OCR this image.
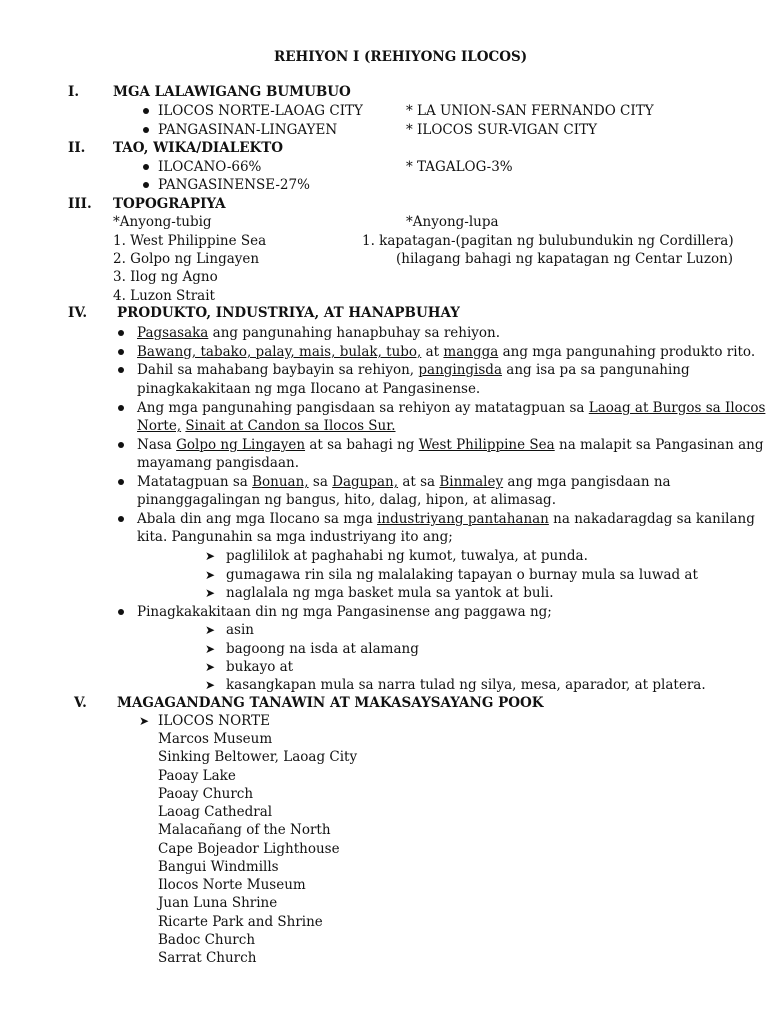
REHIYON I (REHIYONG ILOCOS)
I.	MGA LALAWIGANG BUMUBUO
ILOCOS NORTE-LAOAG CITY	* LA UNION-SAN FERNANDO CITY
PANGASINAN-LINGAYEN	* ILOCOS SUR-VIGAN CITY
II. TAO, WIKA/DIALEKTO
ILOCANO-66%	* TAGALOG-3%
PANGASINENSE-27%
III. TOPOGRAPIYA
*Anyong-tubig	*Anyong-lupa
1. West Philippine Sea	1. kapatagan-(pagitan ng bulubundukin ng Cordillera)
2. Golpo ng Lingayen	(hilagang bahagi ng kapatagan ng Centar Luzon)
3. Ilog ng Agno
4. Luzon Strait
IV. PRODUKTO, INDUSTRIYA, AT HANAPBUHAY
Pagsasaka ang pangunahing hanapbuhay sa rehiyon.
Bawang, tabako, palay, mais, bulak, tubo, at mangga ang mga pangunahing produkto rito.
Dahil sa mahabang baybayin sa rehiyon, pangingisda ang isa pa sa pangunahing
pinagkakakitaan ng mga Ilocano at Pangasinense.
Ang mga pangunahing pangisdaan sa rehiyon ay matatagpuan sa Laoag at Burgos sa Ilocos
Norte, Sinait at Candon sa Ilocos Sur.
Nasa Golpo ng Lingayen at sa bahagi ng West Philippine Sea na malapit sa Pangasinan ang
mayamang pangisdaan.
Matatagpuan sa Bonuan, sa Dagupan, at sa Binmaley ang mga pangisdaan na
pinanggagalingan ng bangus, hito, dalag, hipon, at alimasag.
Abala din ang mga Ilocano sa mga industriyang pantahanan na nakadaragdag sa kanilang
kita. Pangunahin sa mga industriyang ito ang;
➤ paglililok at paghahabi ng kumot, tuwalya, at punda.
➤ gumagawa rin sila ng malalaking tapayan o burnay mula sa luwad at
➤ naglalala ng mga basket mula sa yantok at buli.
Pinagkakakitaan din ng mga Pangasinense ang paggawa ng;
➤ asin
➤ bagoong na isda at alamang
➤ bukayo at
➤ kasangkapan mula sa narra tulad ng silya, mesa, aparador, at platera.
V. MAGAGANDANG TANAWIN AT MAKASAYSAYANG POOK
➤ ILOCOS NORTE
Marcos Museum
Sinking Beltower, Laoag City
Paoay Lake
Paoay Church
Laoag Cathedral
Malacañang of the North
Cape Bojeador Lighthouse
Bangui Windmills
Ilocos Norte Museum
Juan Luna Shrine
Ricarte Park and Shrine
Badoc Church
Sarrat Church
